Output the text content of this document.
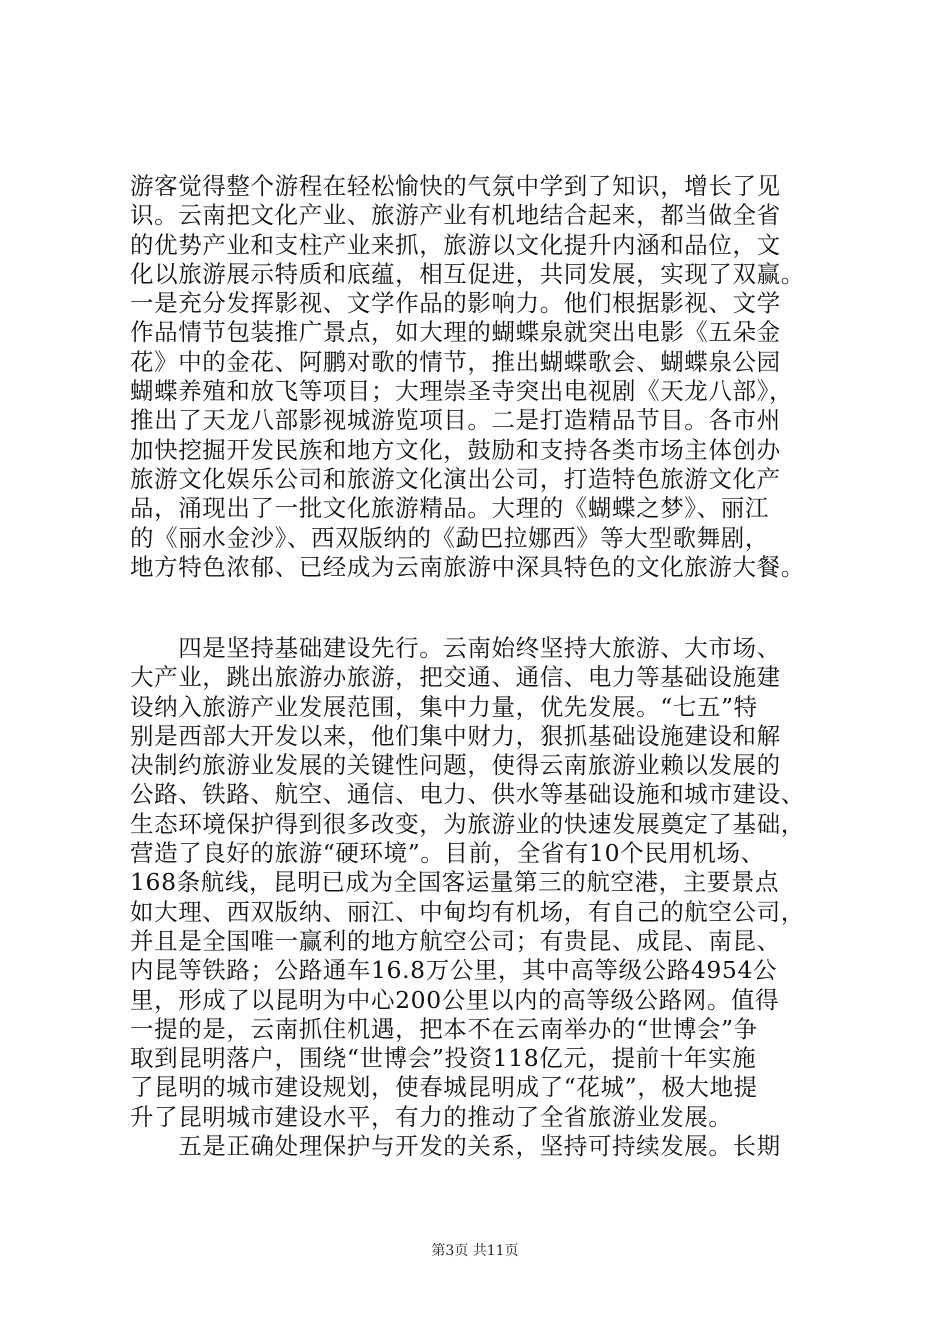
游客觉得整个游程在轻松愉快的气氛中学到了知识，增长了见
识。云南把文化产业、旅游产业有机地结合起来，都当做全省
的优势产业和支柱产业来抓，旅游以文化提升内涵和品位，文
化以旅游展示特质和底蕴，相互促进，共同发展，实现了双赢。
一是充分发挥影视、文学作品的影响力。他们根据影视、文学
作品情节包装推广景点，如大理的蝴蝶泉就突出电影《五朵金
花》中的金花、阿鹏对歌的情节，推出蝴蝶歌会、蝴蝶泉公园
蝴蝶养殖和放飞等项目；大理崇圣寺突出电视剧《天龙八部》，
推出了天龙八部影视城游览项目。二是打造精品节目。各市州
加快挖掘开发民族和地方文化，鼓励和支持各类市场主体创办
旅游文化娱乐公司和旅游文化演出公司，打造特色旅游文化产
品，涌现出了一批文化旅游精品。大理的《蝴蝶之梦》、丽江
的《丽水金沙》、西双版纳的《勐巴拉娜西》等大型歌舞剧，
地方特色浓郁、已经成为云南旅游中深具特色的文化旅游大餐。
　　四是坚持基础建设先行。云南始终坚持大旅游、大市场、
大产业，跳出旅游办旅游，把交通、通信、电力等基础设施建
设纳入旅游产业发展范围，集中力量，优先发展。“七五”特
别是西部大开发以来，他们集中财力，狠抓基础设施建设和解
决制约旅游业发展的关键性问题，使得云南旅游业赖以发展的
公路、铁路、航空、通信、电力、供水等基础设施和城市建设、
生态环境保护得到很多改变，为旅游业的快速发展奠定了基础，
营造了良好的旅游“硬环境”。目前，全省有10个民用机场、
168条航线，昆明已成为全国客运量第三的航空港，主要景点
如大理、西双版纳、丽江、中甸均有机场，有自己的航空公司，
并且是全国唯一赢利的地方航空公司；有贵昆、成昆、南昆、
内昆等铁路；公路通车16.8万公里，其中高等级公路4954公
里，形成了以昆明为中心200公里以内的高等级公路网。值得
一提的是，云南抓住机遇，把本不在云南举办的“世博会”争
取到昆明落户，围绕“世博会”投资118亿元，提前十年实施
了昆明的城市建设规划，使春城昆明成了“花城”，极大地提
升了昆明城市建设水平，有力的推动了全省旅游业发展。
　　五是正确处理保护与开发的关系，坚持可持续发展。长期
第3页 共11页
